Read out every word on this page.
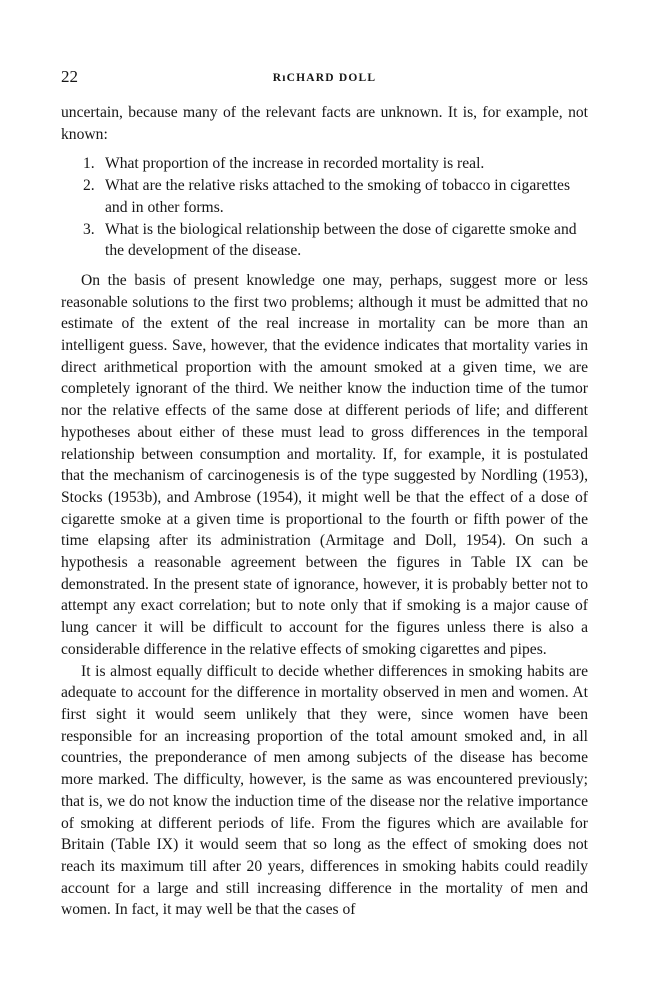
22	RıCHARD DOLL

uncertain, because many of the relevant facts are unknown. It is, for example, not known:

1. What proportion of the increase in recorded mortality is real.
2. What are the relative risks attached to the smoking of tobacco in cigarettes and in other forms.
3. What is the biological relationship between the dose of cigarette smoke and the development of the disease.

On the basis of present knowledge one may, perhaps, suggest more or less reasonable solutions to the first two problems; although it must be admitted that no estimate of the extent of the real increase in mortality can be more than an intelligent guess. Save, however, that the evidence indicates that mortality varies in direct arithmetical proportion with the amount smoked at a given time, we are completely ignorant of the third. We neither know the induction time of the tumor nor the relative effects of the same dose at different periods of life; and different hypotheses about either of these must lead to gross differences in the temporal relationship between consumption and mortality. If, for example, it is postulated that the mechanism of carcinogenesis is of the type suggested by Nordling (1953), Stocks (1953b), and Ambrose (1954), it might well be that the effect of a dose of cigarette smoke at a given time is proportional to the fourth or fifth power of the time elapsing after its administration (Armitage and Doll, 1954). On such a hypothesis a reasonable agreement between the figures in Table IX can be demonstrated. In the present state of ignorance, however, it is probably better not to attempt any exact correlation; but to note only that if smoking is a major cause of lung cancer it will be difficult to account for the figures unless there is also a considerable difference in the relative effects of smoking cigarettes and pipes.

It is almost equally difficult to decide whether differences in smoking habits are adequate to account for the difference in mortality observed in men and women. At first sight it would seem unlikely that they were, since women have been responsible for an increasing proportion of the total amount smoked and, in all countries, the preponderance of men among subjects of the disease has become more marked. The difficulty, however, is the same as was encountered previously; that is, we do not know the induction time of the disease nor the relative importance of smoking at different periods of life. From the figures which are available for Britain (Table IX) it would seem that so long as the effect of smoking does not reach its maximum till after 20 years, differences in smoking habits could readily account for a large and still increasing difference in the mortality of men and women. In fact, it may well be that the cases of
